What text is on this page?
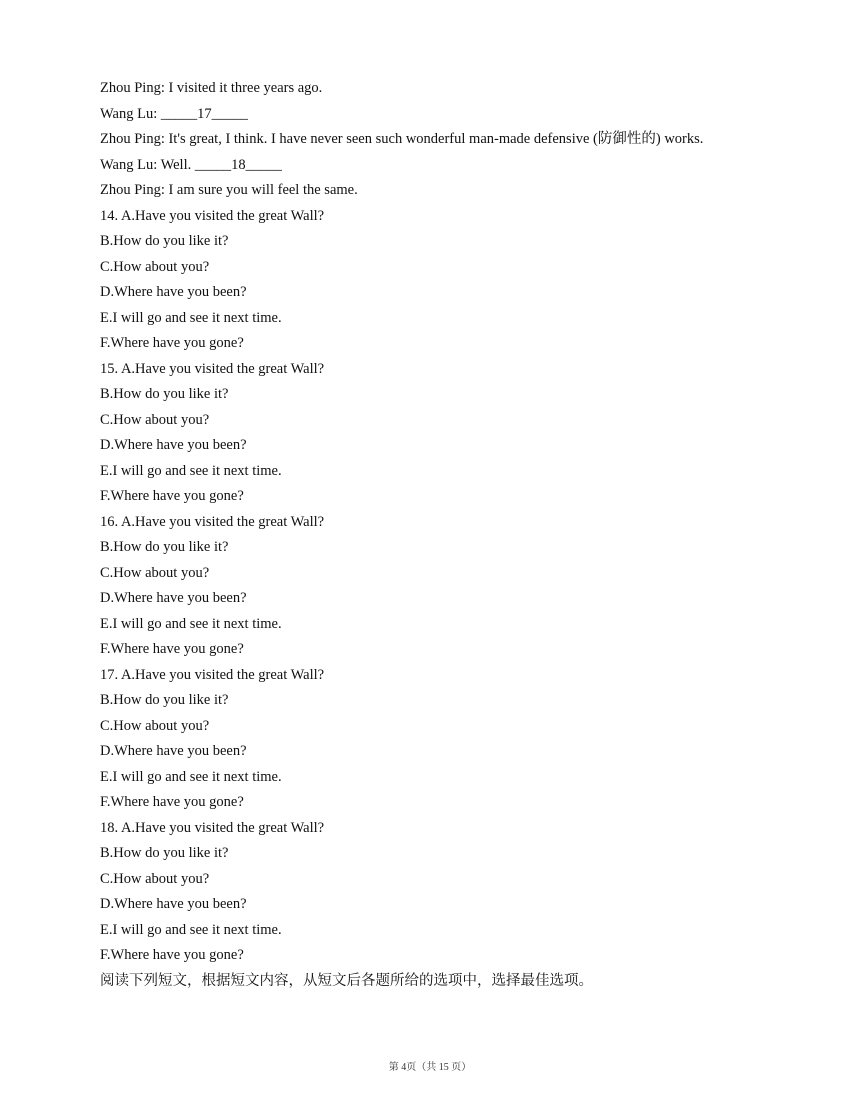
Zhou Ping: I visited it three years ago.
Wang Lu: _____17_____
Zhou Ping: It's great, I think. I have never seen such wonderful man-made defensive (防御性的) works.
Wang Lu: Well. _____18_____
Zhou Ping: I am sure you will feel the same.
14. A.Have you visited the great Wall?
B.How do you like it?
C.How about you?
D.Where have you been?
E.I will go and see it next time.
F.Where have you gone?
15. A.Have you visited the great Wall?
B.How do you like it?
C.How about you?
D.Where have you been?
E.I will go and see it next time.
F.Where have you gone?
16. A.Have you visited the great Wall?
B.How do you like it?
C.How about you?
D.Where have you been?
E.I will go and see it next time.
F.Where have you gone?
17. A.Have you visited the great Wall?
B.How do you like it?
C.How about you?
D.Where have you been?
E.I will go and see it next time.
F.Where have you gone?
18. A.Have you visited the great Wall?
B.How do you like it?
C.How about you?
D.Where have you been?
E.I will go and see it next time.
F.Where have you gone?
阅读下列短文，根据短文内容，从短文后各题所给的选项中，选择最佳选项。
第 4页（共 15 页）
